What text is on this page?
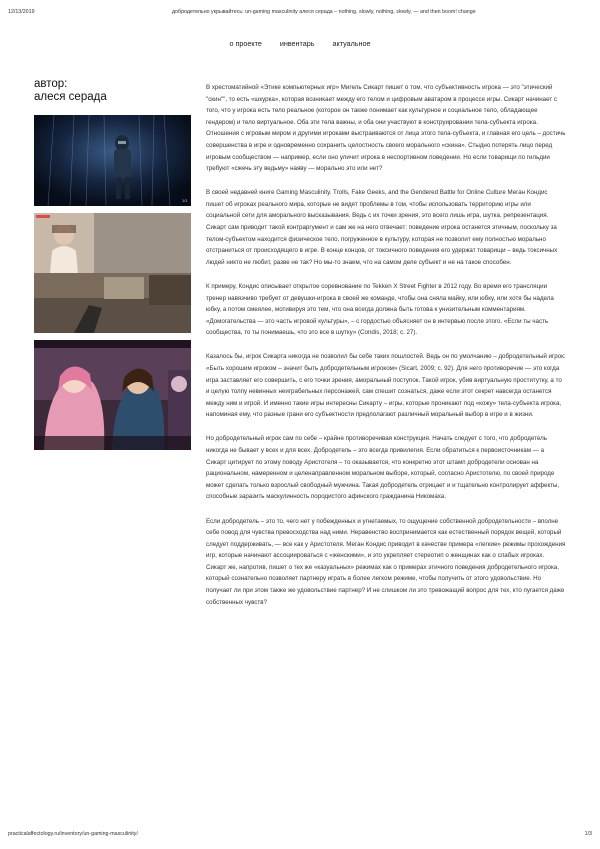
12/13/2019	добродетельно укрывайтесь: un-gaming masculinity алеся серада – nothing, slowly, nothing, slowly, — and then boom! change
о проекте	инвентарь	актуальное
автор:
алеся серада
1/1

В хрестоматийной «Этике компьютерных игр» Мигель Сикарт пишет о том, что субъективность игрока — это "этический "скин"", то есть «шкурка», которая возникает между его телом и цифровым аватаром в процессе игры. Сикарт начинает с того, что у игрока есть тело реальное (которое он также понимает как культурное и социальное тело, обладающее гендером) и тело виртуальное. Оба эти тела важны, и оба они участвуют в конструировании тела-субъекта игрока. Отношения с игровым миром и другими игроками выстраиваются от лица этого тела-субъекта, и главная его цель – достичь совершенства в игре и одновременно сохранить целостность своего морального «скина». Стыдно потерять лицо перед игровым сообществом — например, если оно уличит игрока в неспортивном поведении. Но если товарищи по гильдии требуют «сжечь эту ведьму» наяву — морально это или нет?

В своей недавней книге Gaming Masculinity. Trolls, Fake Geeks, and the Gendered Battle for Online Culture Меган Кондис пишет об игроках реального мира, которые не видят проблемы в том, чтобы использовать территорию игры или социальной сети для аморального высказывания. Ведь с их точки зрения, это всего лишь игра, шутка, репрезентация. Сикарт сам приводит такой контраргумент и сам же на него отвечает: поведение игрока останется этичным, поскольку за телом-субъектом находится физическое тело, погруженное в культуру, которая не позволит ему полностью морально отстраниться от происходящего в игре. В конце концов, от токсичного поведения его удержат товарищи – ведь токсичных людей никто не любит, разве не так? Но мы-то знаем, что на самом деле субъект и не на такое способен.

К примеру, Кондис описывает открытое соревнование по Tekken X Street Fighter в 2012 году. Во время его трансляции тренер навязчиво требует от девушки-игрока в своей же команде, чтобы она сняла майку, или юбку, или хотя бы надела юбку, а потом смеялее, мотивируя это тем, что она всегда должна быть готова к унизительным комментариям. «Домогательства — это часть игровой культуры», – с гордостью объясняет он в интервью после этого. «Если ты часть сообщества, то ты понимаешь, что это все в шутку» (Condis, 2018; с. 27).

Казалось бы, игрок Сикарта никогда не позволил бы себе таких пошлостей. Ведь он по умолчанию – добродетельный игрок: «Быть хорошим игроком – значит быть добродетельным игроком» (Sicart, 2009; с. 92). Для него противоречие — это когда игра заставляет его совершить, с его точки зрения, аморальный поступок. Такой игрок, убив виртуальную проститутку, а то и целую толпу невинных неиграбельных персонажей, сам спешит сознаться, даже если этот секрет навсегда останется между ним и игрой. И именно такие игры интересны Сикарту – игры, которые проникают под «кожу» тела-субъекта игрока, напоминая ему, что разные грани его субъектности предполагают различный моральный выбор в игре и в жизни.

Но добродетельный игрок сам по себе – крайне противоречивая конструкция. Начать следует с того, что добродетель никогда не бывает у всех и для всех. Добродетель – это всегда привилегия. Если обратиться к первоисточникам — а Сикарт цитирует по этому поводу Аристотеля – то оказывается, что конкретно этот штамп добродетели основан на рациональном, намеренном и целенаправленном моральном выборе, который, согласно Аристотелю, по своей природе может сделать только взрослый свободный мужчина. Такая добродетель отрицает и и тщательно контролирует аффекты, способные заразить маскулинность породистого афинского гражданина Никомаха.

Если добродетель – это то, чего нет у побежденных и угнетаемых, то ощущение собственной добродетельности – вполне себе повод для чувства превосходства над ними. Неравенство воспринимается как естественный порядок вещей, который следует поддерживать, — все как у Аристотеля. Меган Кондис приводит в качестве примера «легкие» режимы прохождения игр, которые начинают ассоциироваться с «женскими», и это укрепляет стереотип о женщинах как о слабых игроках. Сикарт же, напротив, пишет о тех же «казуальных» режимах как о примерах этичного поведения добродетельного игрока, который сознательно позволяет партнеру играть в более легком режиме, чтобы получить от этого удовольствие. Но получает ли при этом также же удовольствие партнер? И не слишком ли это тревожащий вопрос для тех, кто пугается даже собственных чувств?

practicalaffectology.ru/inventory/un-gaming-masculinity/	1/3
